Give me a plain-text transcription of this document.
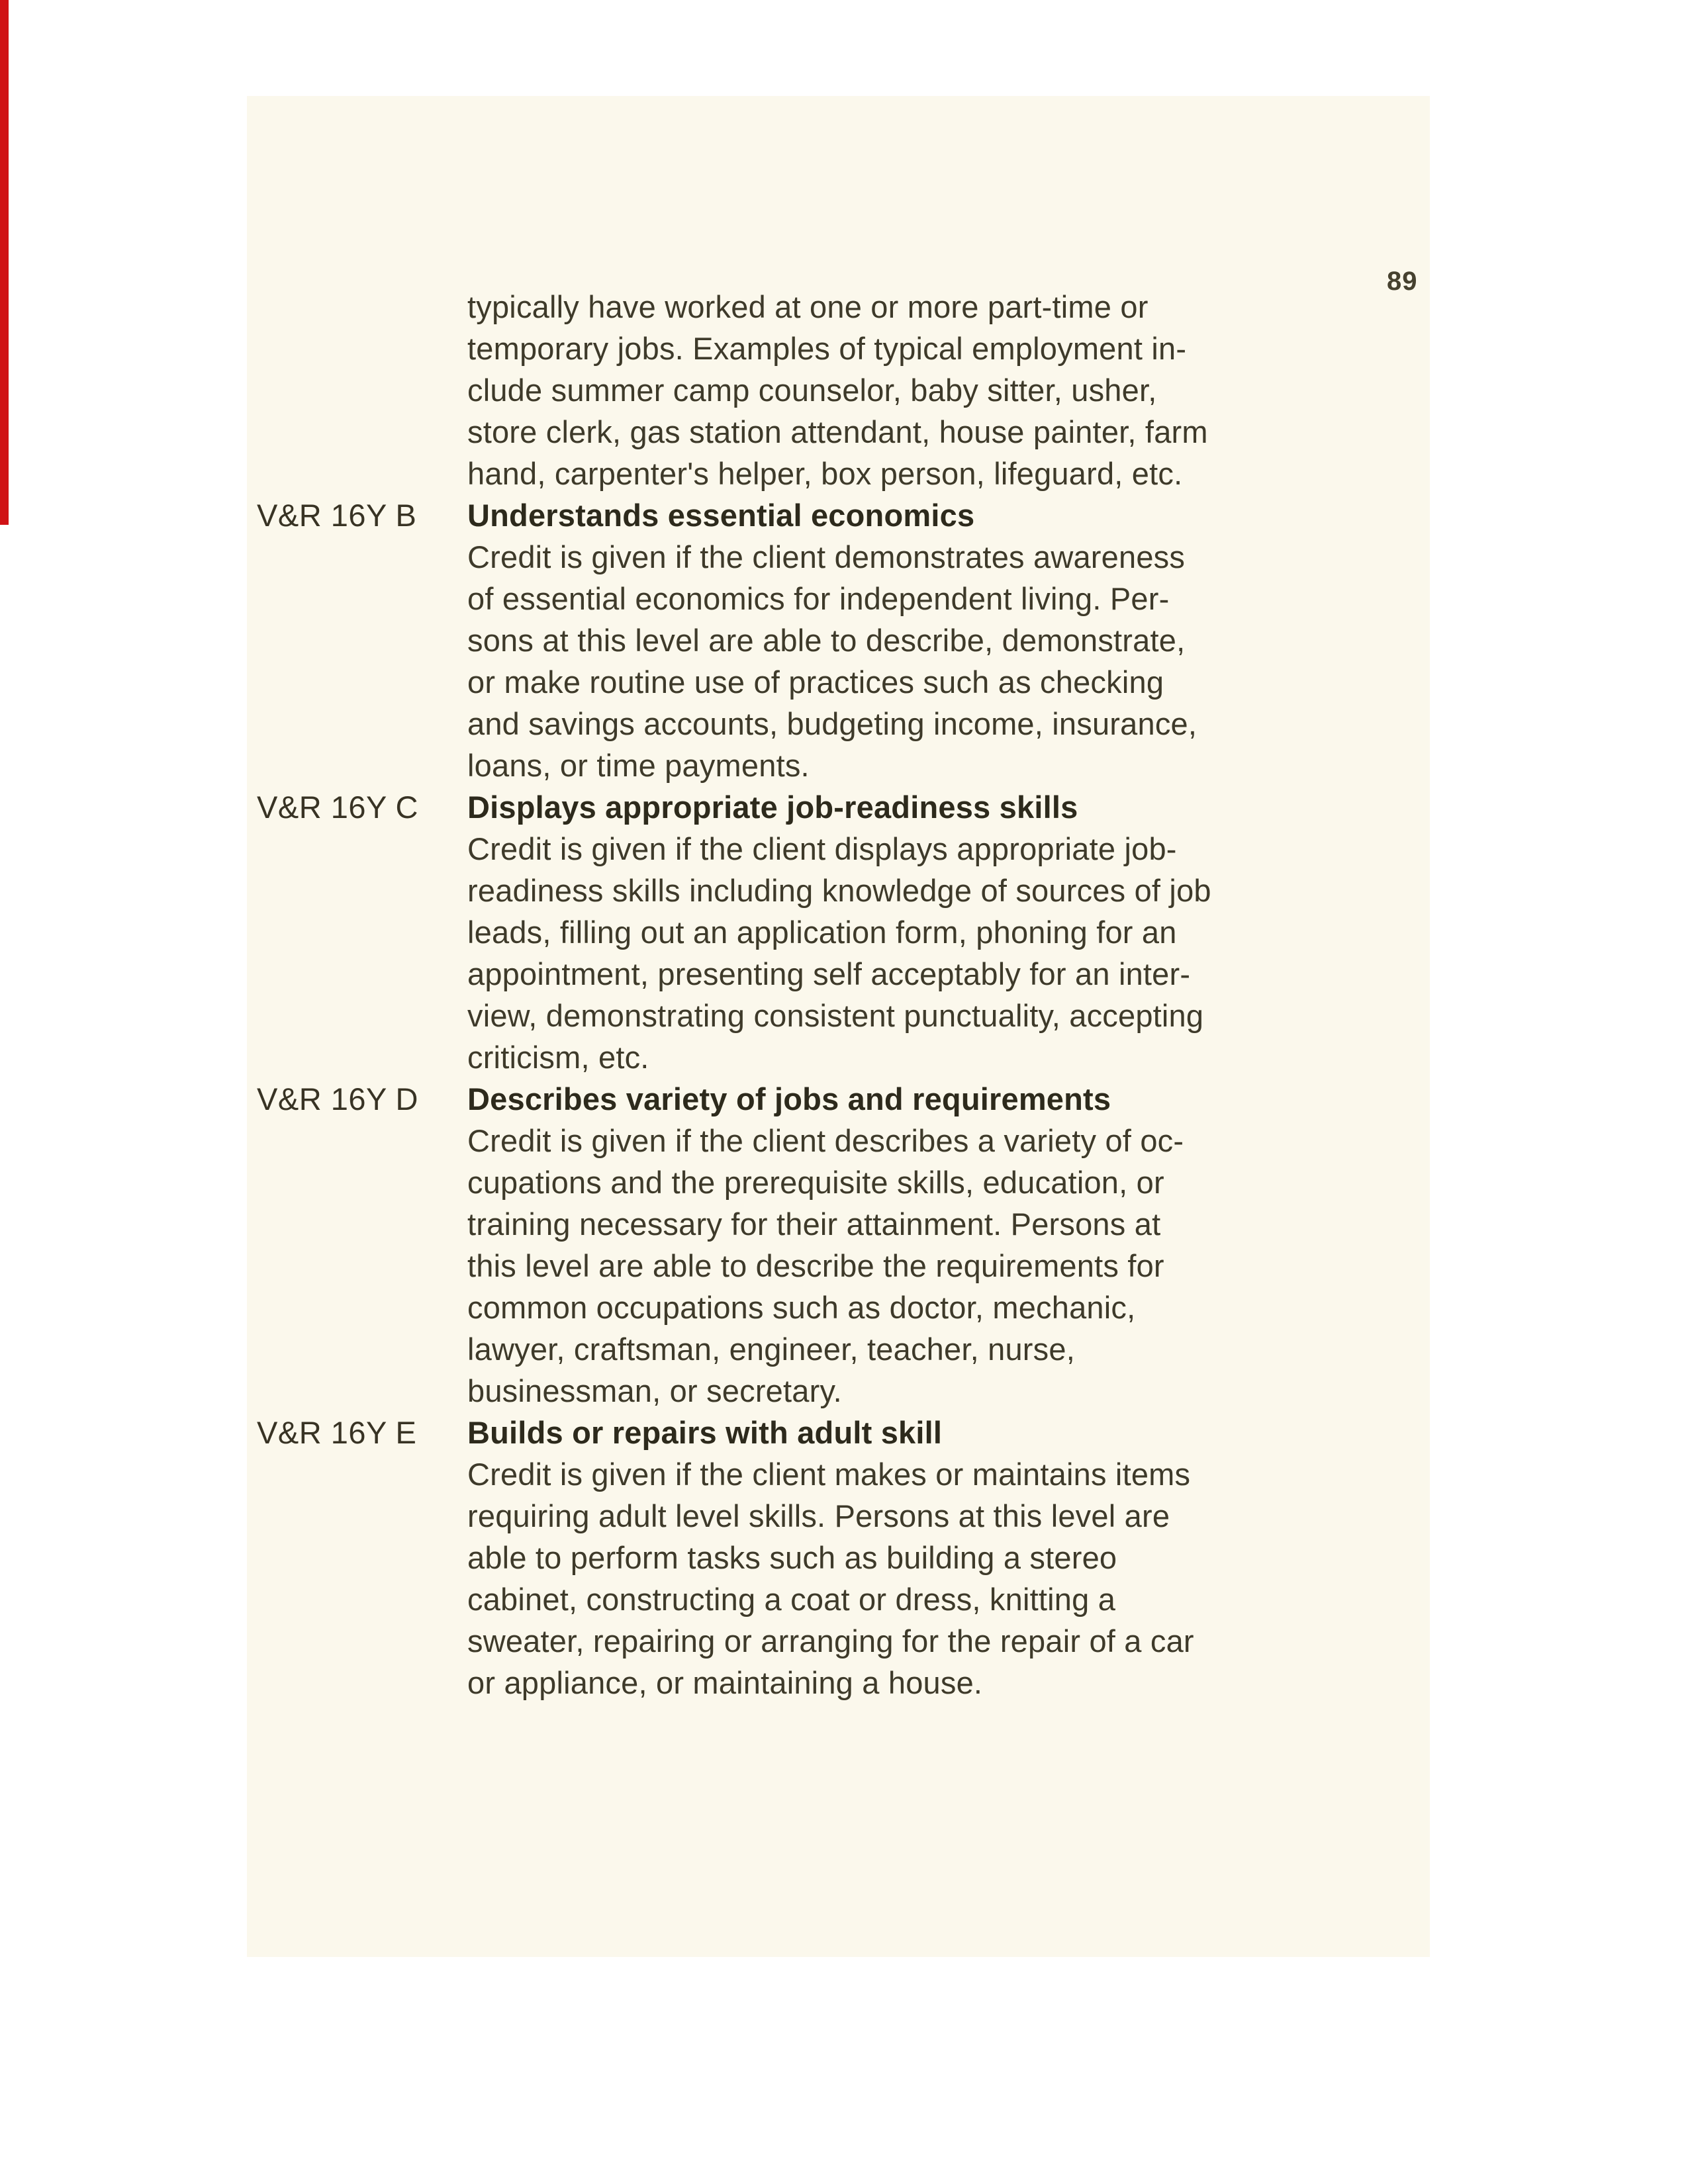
89
typically have worked at one or more part-time or
temporary jobs. Examples of typical employment in-
clude summer camp counselor, baby sitter, usher,
store clerk, gas station attendant, house painter, farm
hand, carpenter's helper, box person, lifeguard, etc.
V&R 16Y B	Understands essential economics
Credit is given if the client demonstrates awareness
of essential economics for independent living. Per-
sons at this level are able to describe, demonstrate,
or make routine use of practices such as checking
and savings accounts, budgeting income, insurance,
loans, or time payments.
V&R 16Y C	Displays appropriate job-readiness skills
Credit is given if the client displays appropriate job-
readiness skills including knowledge of sources of job
leads, filling out an application form, phoning for an
appointment, presenting self acceptably for an inter-
view, demonstrating consistent punctuality, accepting
criticism, etc.
V&R 16Y D	Describes variety of jobs and requirements
Credit is given if the client describes a variety of oc-
cupations and the prerequisite skills, education, or
training necessary for their attainment. Persons at
this level are able to describe the requirements for
common occupations such as doctor, mechanic,
lawyer, craftsman, engineer, teacher, nurse,
businessman, or secretary.
V&R 16Y E	Builds or repairs with adult skill
Credit is given if the client makes or maintains items
requiring adult level skills. Persons at this level are
able to perform tasks such as building a stereo
cabinet, constructing a coat or dress, knitting a
sweater, repairing or arranging for the repair of a car
or appliance, or maintaining a house.
